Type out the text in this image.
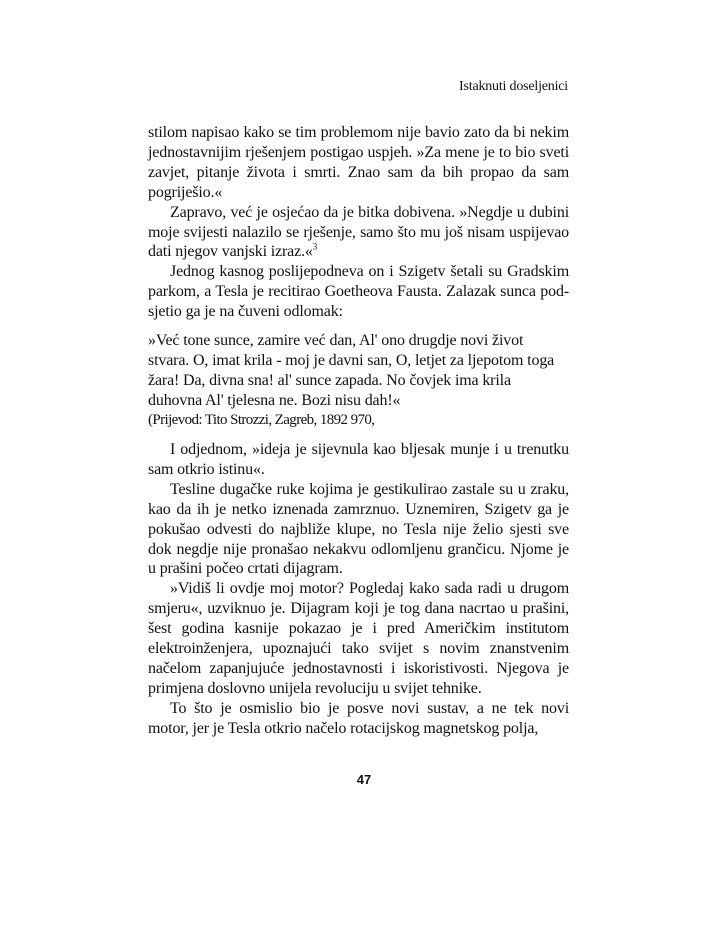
Istaknuti doseljenici
stilom napisao kako se tim problemom nije bavio zato da bi nekim
jednostavnijim rješenjem postigao uspjeh. »Za mene je to bio sveti
zavjet, pitanje života i smrti. Znao sam da bih propao da sam
pogriješio.«
Zapravo, već je osjećao da je bitka dobivena. »Negdje u dubini
moje svijesti nalazilo se rješenje, samo što mu još nisam uspijevao
dati njegov vanjski izraz.«$^3$
Jednog kasnog poslijepodneva on i Szigetv šetali su Gradskim
parkom, a Tesla je recitirao Goetheova Fausta. Zalazak sunca pod-
sjetio ga je na čuveni odlomak:
»Već tone sunce, zamire već dan, Al' ono drugdje novi život
stvara. O, imat krila - moj je davni san, O, letjet za ljepotom toga
žara! Da, divna sna! al' sunce zapada. No čovjek ima krila
duhovna Al' tjelesna ne. Bozi nisu dah!«
(Prijevod: Tito Strozzi, Zagreb, 1892 970,
I odjednom, »ideja je sijevnula kao bljesak munje i u trenutku
sam otkrio istinu«.
Tesline dugačke ruke kojima je gestikulirao zastale su u zraku,
kao da ih je netko iznenada zamrznuo. Uznemiren, Szigetv ga je
pokušao odvesti do najbliže klupe, no Tesla nije želio sjesti sve
dok negdje nije pronašao nekakvu odlomljenu grančicu. Njome je
u prašini počeo crtati dijagram.
»Vidiš li ovdje moj motor? Pogledaj kako sada radi u drugom
smjeru«, uzviknuo je. Dijagram koji je tog dana nacrtao u prašini,
šest godina kasnije pokazao je i pred Američkim institutom
elektroinženjera, upoznajući tako svijet s novim znanstvenim
načelom zapanjujuće jednostavnosti i iskoristivosti. Njegova je
primjena doslovno unijela revoluciju u svijet tehnike.
To što je osmislio bio je posve novi sustav, a ne tek novi
motor, jer je Tesla otkrio načelo rotacijskog magnetskog polja,
47
